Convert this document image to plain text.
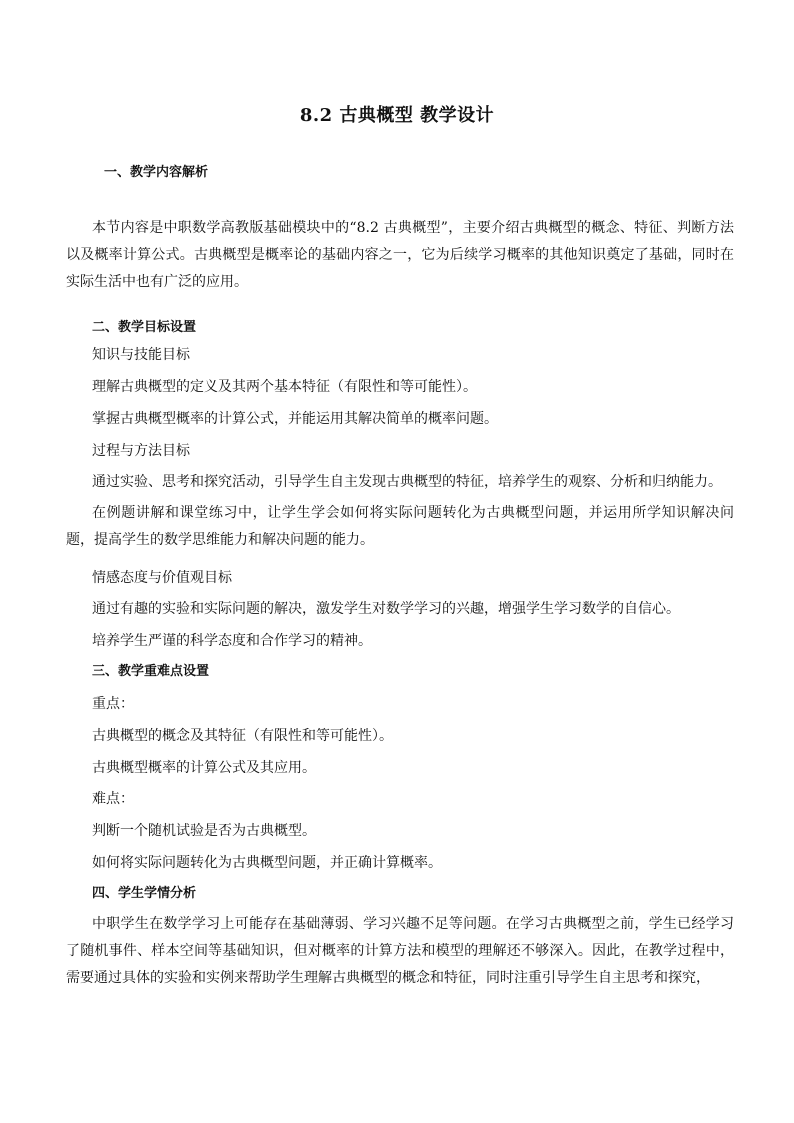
8.2 古典概型 教学设计
一、教学内容解析

本节内容是中职数学高教版基础模块中的“8.2 古典概型”，主要介绍古典概型的概念、特征、判断方法以及概率计算公式。古典概型是概率论的基础内容之一，它为后续学习概率的其他知识奠定了基础，同时在实际生活中也有广泛的应用。

二、教学目标设置
知识与技能目标
理解古典概型的定义及其两个基本特征（有限性和等可能性）。
掌握古典概型概率的计算公式，并能运用其解决简单的概率问题。
过程与方法目标
通过实验、思考和探究活动，引导学生自主发现古典概型的特征，培养学生的观察、分析和归纳能力。

在例题讲解和课堂练习中，让学生学会如何将实际问题转化为古典概型问题，并运用所学知识解决问题，提高学生的数学思维能力和解决问题的能力。

情感态度与价值观目标
通过有趣的实验和实际问题的解决，激发学生对数学学习的兴趣，增强学生学习数学的自信心。
培养学生严谨的科学态度和合作学习的精神。
三、教学重难点设置
重点：
古典概型的概念及其特征（有限性和等可能性）。
古典概型概率的计算公式及其应用。
难点：
判断一个随机试验是否为古典概型。
如何将实际问题转化为古典概型问题，并正确计算概率。
四、学生学情分析

中职学生在数学学习上可能存在基础薄弱、学习兴趣不足等问题。在学习古典概型之前，学生已经学习了随机事件、样本空间等基础知识，但对概率的计算方法和模型的理解还不够深入。因此，在教学过程中，需要通过具体的实验和实例来帮助学生理解古典概型的概念和特征，同时注重引导学生自主思考和探究，
